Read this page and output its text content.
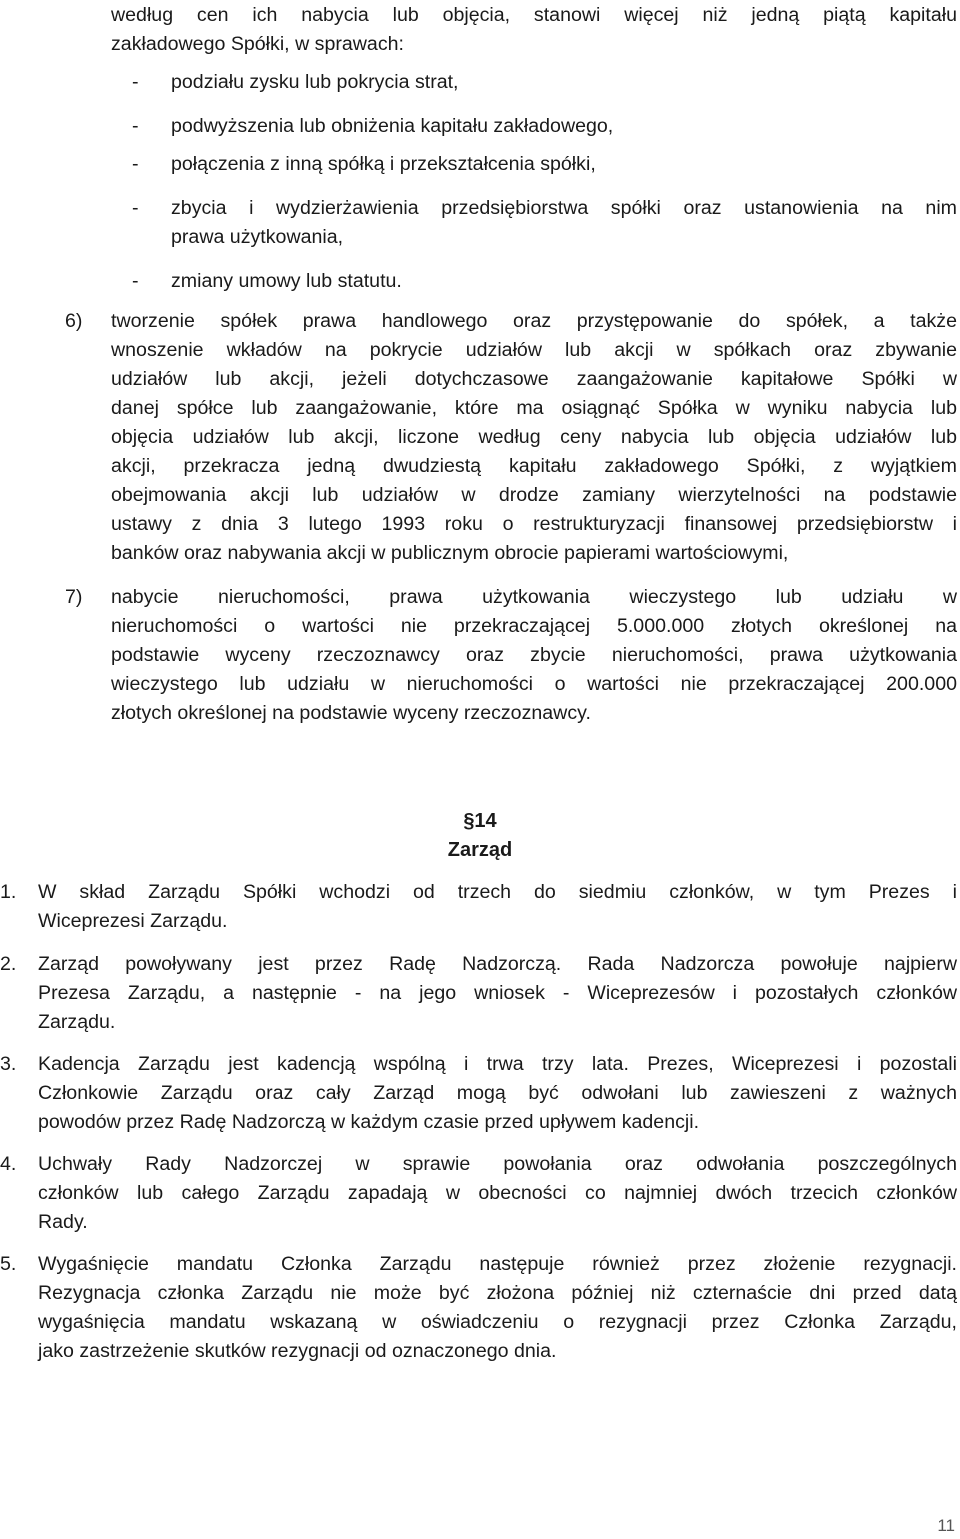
według cen ich nabycia lub objęcia, stanowi więcej niż jedną piątą kapitału
zakładowego Spółki, w sprawach:
-	podziału zysku lub pokrycia strat,
-	podwyższenia lub obniżenia kapitału zakładowego,
-	połączenia z inną spółką i przekształcenia spółki,
-	zbycia i wydzierżawienia przedsiębiorstwa spółki oraz ustanowienia na nim
prawa użytkowania,
-	zmiany umowy lub statutu.
6)	tworzenie spółek prawa handlowego oraz przystępowanie do spółek, a także
wnoszenie wkładów na pokrycie udziałów lub akcji w spółkach oraz zbywanie
udziałów lub akcji, jeżeli dotychczasowe zaangażowanie kapitałowe Spółki w
danej spółce lub zaangażowanie, które ma osiągnąć Spółka w wyniku nabycia lub
objęcia udziałów lub akcji, liczone według ceny nabycia lub objęcia udziałów lub
akcji, przekracza jedną dwudziestą kapitału zakładowego Spółki, z wyjątkiem
obejmowania akcji lub udziałów w drodze zamiany wierzytelności na podstawie
ustawy z dnia 3 lutego 1993 roku o restrukturyzacji finansowej przedsiębiorstw i
banków oraz nabywania akcji w publicznym obrocie papierami wartościowymi,
7)	nabycie nieruchomości, prawa użytkowania wieczystego lub udziału w
nieruchomości o wartości nie przekraczającej 5.000.000 złotych określonej na
podstawie wyceny rzeczoznawcy oraz zbycie nieruchomości, prawa użytkowania
wieczystego lub udziału w nieruchomości o wartości nie przekraczającej 200.000
złotych określonej na podstawie wyceny rzeczoznawcy.
§14
Zarząd
1.	W skład Zarządu Spółki wchodzi od trzech do siedmiu członków, w tym Prezes i
Wiceprezesi Zarządu.
2.	Zarząd powoływany jest przez Radę Nadzorczą. Rada Nadzorcza powołuje najpierw
Prezesa Zarządu, a następnie - na jego wniosek - Wiceprezesów i pozostałych członków
Zarządu.
3.	Kadencja Zarządu jest kadencją wspólną i trwa trzy lata. Prezes, Wiceprezesi i pozostali
Członkowie Zarządu oraz cały Zarząd mogą być odwołani lub zawieszeni z ważnych
powodów przez Radę Nadzorczą w każdym czasie przed upływem kadencji.
4.	Uchwały Rady Nadzorczej w sprawie powołania oraz odwołania poszczególnych
członków lub całego Zarządu zapadają w obecności co najmniej dwóch trzecich członków
Rady.
5.	Wygaśnięcie mandatu Członka Zarządu następuje również przez złożenie rezygnacji.
Rezygnacja członka Zarządu nie może być złożona później niż czternaście dni przed datą
wygaśnięcia mandatu wskazaną w oświadczeniu o rezygnacji przez Członka Zarządu,
jako zastrzeżenie skutków rezygnacji od oznaczonego dnia.
11
